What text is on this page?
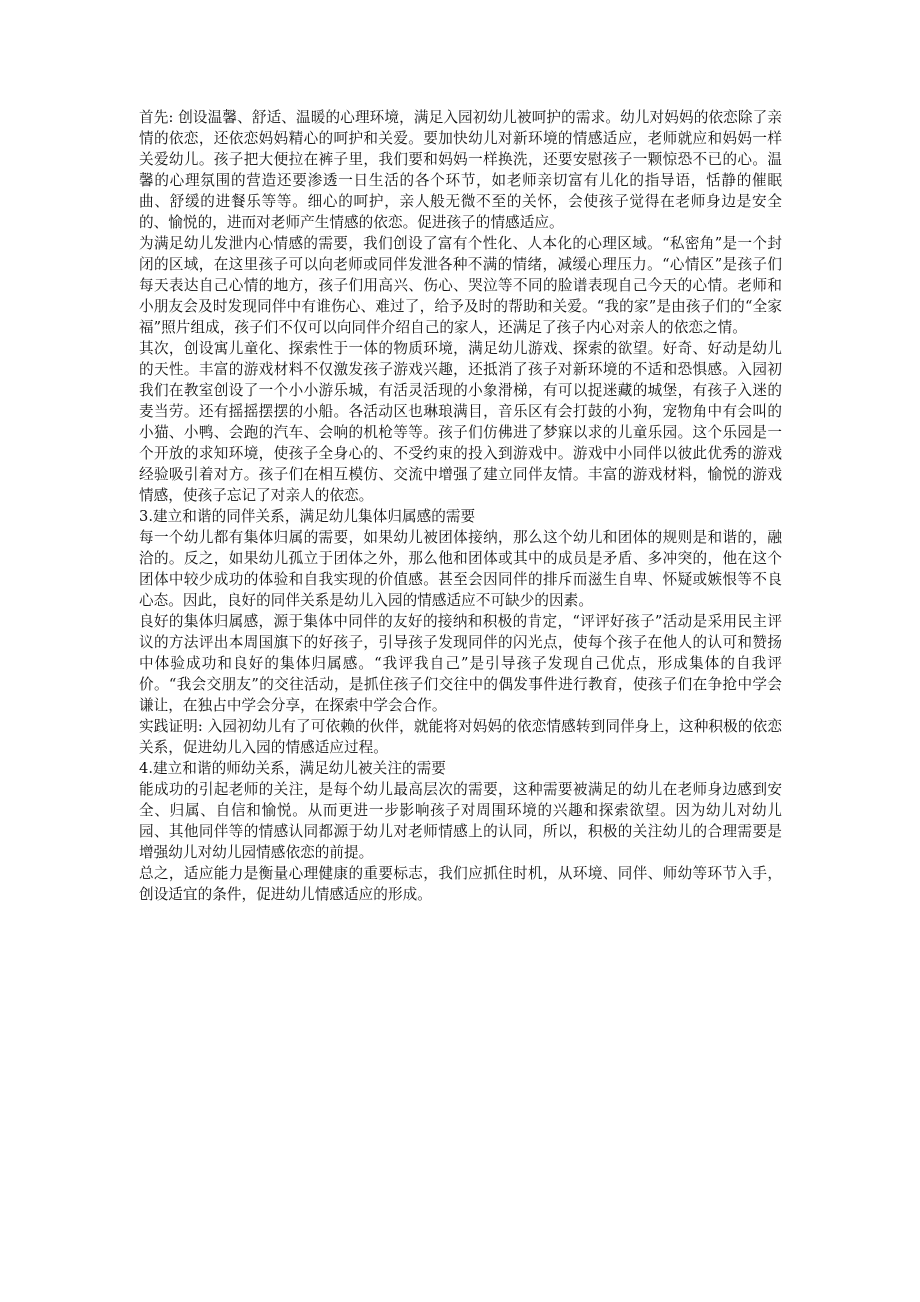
首先: 创设温馨、舒适、温暖的心理环境，满足入园初幼儿被呵护的需求。幼儿对妈妈的依恋除了亲情的依恋，还依恋妈妈精心的呵护和关爱。要加快幼儿对新环境的情感适应，老师就应和妈妈一样关爱幼儿。孩子把大便拉在裤子里，我们要和妈妈一样换洗，还要安慰孩子一颗惊恐不已的心。温馨的心理氛围的营造还要渗透一日生活的各个环节，如老师亲切富有儿化的指导语，恬静的催眠曲、舒缓的进餐乐等等。细心的呵护，亲人般无微不至的关怀，会使孩子觉得在老师身边是安全的、愉悦的，进而对老师产生情感的依恋。促进孩子的情感适应。

为满足幼儿发泄内心情感的需要，我们创设了富有个性化、人本化的心理区域。“私密角”是一个封闭的区域，在这里孩子可以向老师或同伴发泄各种不满的情绪，减缓心理压力。“心情区”是孩子们每天表达自己心情的地方，孩子们用高兴、伤心、哭泣等不同的脸谱表现自己今天的心情。老师和小朋友会及时发现同伴中有谁伤心、难过了，给予及时的帮助和关爱。“我的家”是由孩子们的“全家福”照片组成，孩子们不仅可以向同伴介绍自己的家人，还满足了孩子内心对亲人的依恋之情。

其次，创设寓儿童化、探索性于一体的物质环境，满足幼儿游戏、探索的欲望。好奇、好动是幼儿的天性。丰富的游戏材料不仅激发孩子游戏兴趣，还抵消了孩子对新环境的不适和恐惧感。入园初我们在教室创设了一个小小游乐城，有活灵活现的小象滑梯，有可以捉迷藏的城堡，有孩子入迷的麦当劳。还有摇摇摆摆的小船。各活动区也琳琅满目，音乐区有会打鼓的小狗，宠物角中有会叫的小猫、小鸭、会跑的汽车、会响的机枪等等。孩子们仿佛进了梦寐以求的儿童乐园。这个乐园是一个开放的求知环境，使孩子全身心的、不受约束的投入到游戏中。游戏中小同伴以彼此优秀的游戏经验吸引着对方。孩子们在相互模仿、交流中增强了建立同伴友情。丰富的游戏材料，愉悦的游戏情感，使孩子忘记了对亲人的依恋。

3.建立和谐的同伴关系，满足幼儿集体归属感的需要

每一个幼儿都有集体归属的需要，如果幼儿被团体接纳，那么这个幼儿和团体的规则是和谐的，融洽的。反之，如果幼儿孤立于团体之外，那么他和团体或其中的成员是矛盾、多冲突的，他在这个团体中较少成功的体验和自我实现的价值感。甚至会因同伴的排斥而滋生自卑、怀疑或嫉恨等不良心态。因此，良好的同伴关系是幼儿入园的情感适应不可缺少的因素。

良好的集体归属感，源于集体中同伴的友好的接纳和积极的肯定，“评评好孩子”活动是采用民主评议的方法评出本周国旗下的好孩子，引导孩子发现同伴的闪光点，使每个孩子在他人的认可和赞扬中体验成功和良好的集体归属感。“我评我自己”是引导孩子发现自己优点，形成集体的自我评价。“我会交朋友”的交往活动，是抓住孩子们交往中的偶发事件进行教育，使孩子们在争抢中学会谦让，在独占中学会分享，在探索中学会合作。

实践证明: 入园初幼儿有了可依赖的伙伴，就能将对妈妈的依恋情感转到同伴身上，这种积极的依恋关系，促进幼儿入园的情感适应过程。

4.建立和谐的师幼关系，满足幼儿被关注的需要

能成功的引起老师的关注，是每个幼儿最高层次的需要，这种需要被满足的幼儿在老师身边感到安全、归属、自信和愉悦。从而更进一步影响孩子对周围环境的兴趣和探索欲望。因为幼儿对幼儿园、其他同伴等的情感认同都源于幼儿对老师情感上的认同，所以，积极的关注幼儿的合理需要是增强幼儿对幼儿园情感依恋的前提。

总之，适应能力是衡量心理健康的重要标志，我们应抓住时机，从环境、同伴、师幼等环节入手，创设适宜的条件，促进幼儿情感适应的形成。
